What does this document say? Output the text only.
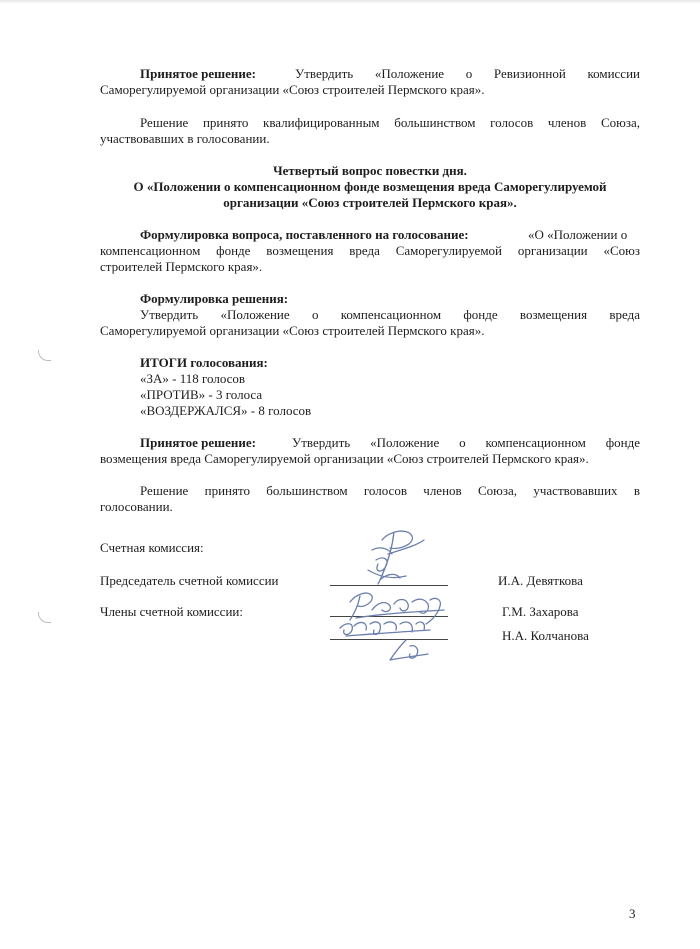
Принятое решение:	Утвердить «Положение о Ревизионной комиссии
Саморегулируемой организации «Союз строителей Пермского края».
Решение принято квалифицированным большинством голосов членов Союза,
участвовавших в голосовании.
Четвертый вопрос повестки дня.
О «Положении о компенсационном фонде возмещения вреда Саморегулируемой
организации «Союз строителей Пермского края».
Формулировка вопроса, поставленного на голосование:	«О «Положении о
компенсационном фонде возмещения вреда Саморегулируемой организации «Союз
строителей Пермского края».
Формулировка решения:
Утвердить «Положение о компенсационном фонде возмещения вреда
Саморегулируемой организации «Союз строителей Пермского края».
ИТОГИ голосования:
«ЗА» - 118 голосов
«ПРОТИВ» - 3 голоса
«ВОЗДЕРЖАЛСЯ» - 8 голосов
Принятое решение:	Утвердить «Положение о компенсационном фонде
возмещения вреда Саморегулируемой организации «Союз строителей Пермского края».
Решение принято большинством голосов членов Союза, участвовавших в
голосовании.
Счетная комиссия:
Председатель счетной комиссии	И.А. Девяткова
Члены счетной комиссии:	Г.М. Захарова
Н.А. Колчанова
3
